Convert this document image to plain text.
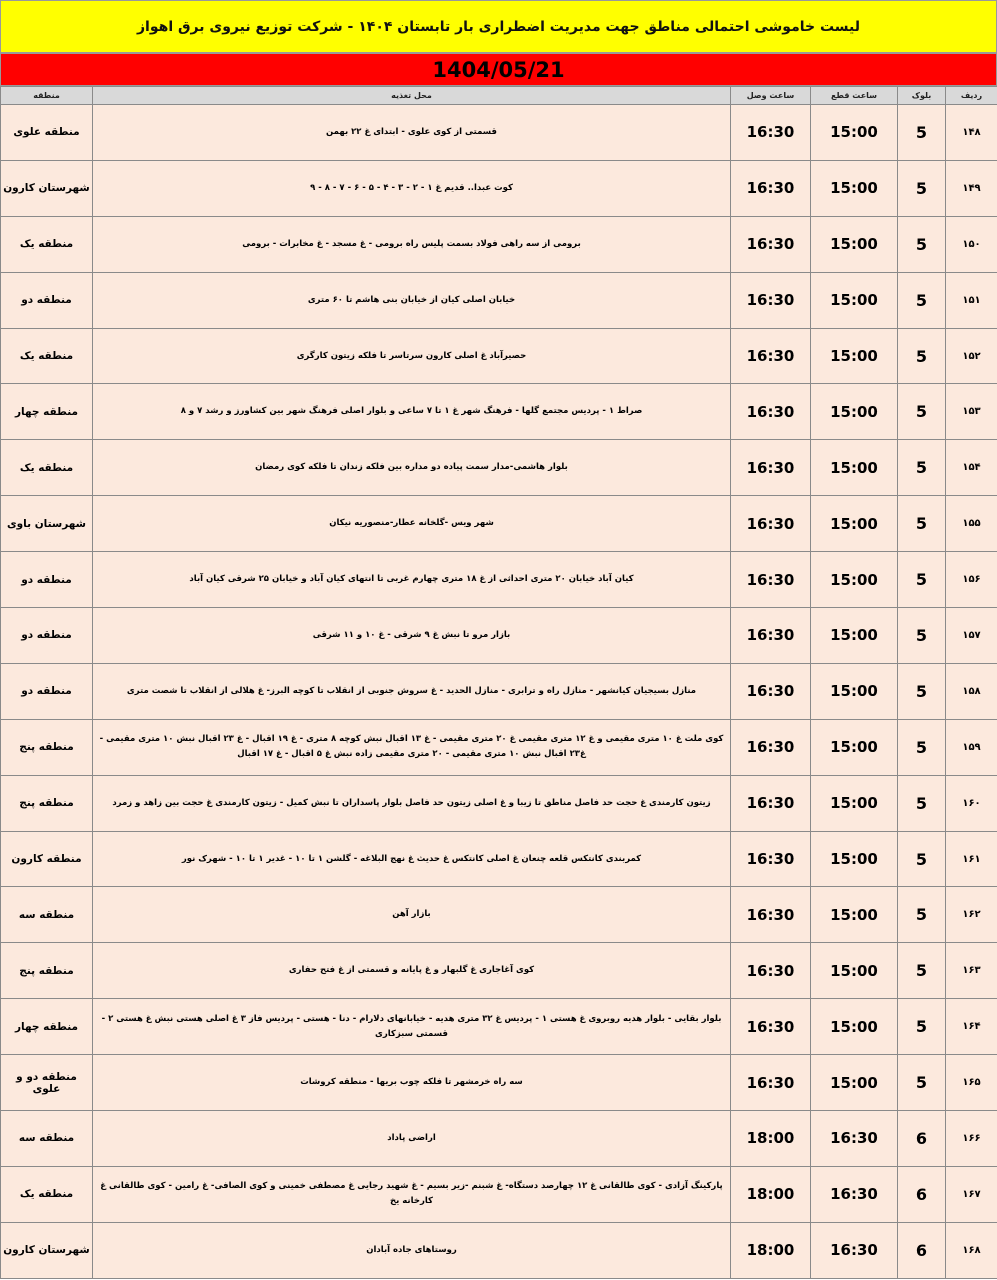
لیست خاموشی احتمالی مناطق جهت مدیریت اضطراری بار تابستان ۱۴۰۴ - شرکت توزیع نیروی برق اهواز
1404/05/21
ردیف	بلوک	ساعت قطع	ساعت وصل	محل تغذیه	منطقه
۱۴۸	5	15:00	16:30	قسمتی از کوی علوی - ابتدای غ ۲۲ بهمن	منطقه علوی
۱۴۹	5	15:00	16:30	کوت عبدا.. قدیم غ ۱ - ۲ - ۳ - ۴ - ۵ - ۶ - ۷ - ۸ - ۹	شهرستان کارون
۱۵۰	5	15:00	16:30	برومی از سه راهی فولاد بسمت پلیس راه برومی - غ مسجد - غ مخابرات - برومی	منطقه یک
۱۵۱	5	15:00	16:30	خیابان اصلی کیان از خیابان بنی هاشم تا ۶۰ متری	منطقه دو
۱۵۲	5	15:00	16:30	حصیرآباد غ اصلی کارون سرتاسر تا فلکه زیتون کارگری	منطقه یک
۱۵۳	5	15:00	16:30	صراط ۱ - پردیس مجتمع گلها - فرهنگ شهر غ ۱ تا ۷ ساعی و بلوار اصلی فرهنگ شهر بین کشاورز و رشد ۷ و ۸	منطقه چهار
۱۵۴	5	15:00	16:30	بلوار هاشمی-مدار سمت پیاده دو مداره بین فلکه زندان تا فلکه کوی رمضان	منطقه یک
۱۵۵	5	15:00	16:30	شهر ویس -گلخانه عطار-منصوریه نیکان	شهرستان باوی
۱۵۶	5	15:00	16:30	کیان آباد خیابان ۲۰ متری احداثی از غ ۱۸ متری چهارم غربی تا انتهای کیان آباد و خیابان ۲۵ شرقی کیان آباد	منطقه دو
۱۵۷	5	15:00	16:30	بازار مرو تا نبش غ ۹ شرقی - غ ۱۰ و ۱۱ شرقی	منطقه دو
۱۵۸	5	15:00	16:30	منازل بسیجیان کیانشهر - منازل راه و ترابری - منازل الحدید - غ سروش جنوبی از انقلاب تا کوچه البرز- غ هلالی از انقلاب تا شصت متری	منطقه دو
۱۵۹	5	15:00	16:30	کوی ملت غ ۱۰ متری مقیمی و غ ۱۲ متری مقیمی غ ۲۰ متری مقیمی - غ ۱۳ اقبال نبش کوچه ۸ متری - غ ۱۹ اقبال - غ ۲۳ اقبال نبش ۱۰ متری مقیمی - غ۲۳ اقبال نبش ۱۰ متری مقیمی - ۲۰ متری مقیمی زاده نبش غ ۵ اقبال - غ ۱۷ اقبال	منطقه پنج
۱۶۰	5	15:00	16:30	زیتون کارمندی غ حجت حد فاصل مناطق تا زیبا و غ اصلی زیتون حد فاصل بلوار پاسداران تا نبش کمیل - زیتون کارمندی غ حجت بین زاهد و زمرد	منطقه پنج
۱۶۱	5	15:00	16:30	کمربندی کانتکس قلعه چنعان غ اصلی کانتکس غ حدیث غ نهج البلاغه - گلشن ۱ تا ۱۰ - غدیر ۱ تا ۱۰ - شهرک نور	منطقه کارون
۱۶۲	5	15:00	16:30	بازار آهن	منطقه سه
۱۶۳	5	15:00	16:30	کوی آغاجاری غ گلبهار و غ پایانه و قسمتی از غ فتح حفاری	منطقه پنج
۱۶۴	5	15:00	16:30	بلوار بقایی - بلوار هدیه روبروی غ هستی ۱ - پردیس غ ۳۲ متری هدیه - خیابانهای دلارام - دنا - هستی - پردیس فاز ۳ غ اصلی هستی نبش غ هستی ۲ - قسمتی سبزکاری	منطقه چهار
۱۶۵	5	15:00	16:30	سه راه خرمشهر تا فلکه چوب بریها - منطقه کروشات	منطقه دو و علوی
۱۶۶	6	16:30	18:00	اراضی پاداد	منطقه سه
۱۶۷	6	16:30	18:00	پارکینگ آزادی - کوی طالقانی غ ۱۲ چهارصد دستگاه- غ شبنم -زیر بسیم - غ شهید رجایی غ مصطفی خمینی و کوی الصافی- غ رامین - کوی طالقانی غ کارخانه یخ	منطقه یک
۱۶۸	6	16:30	18:00	روستاهای جاده آبادان	شهرستان کارون
